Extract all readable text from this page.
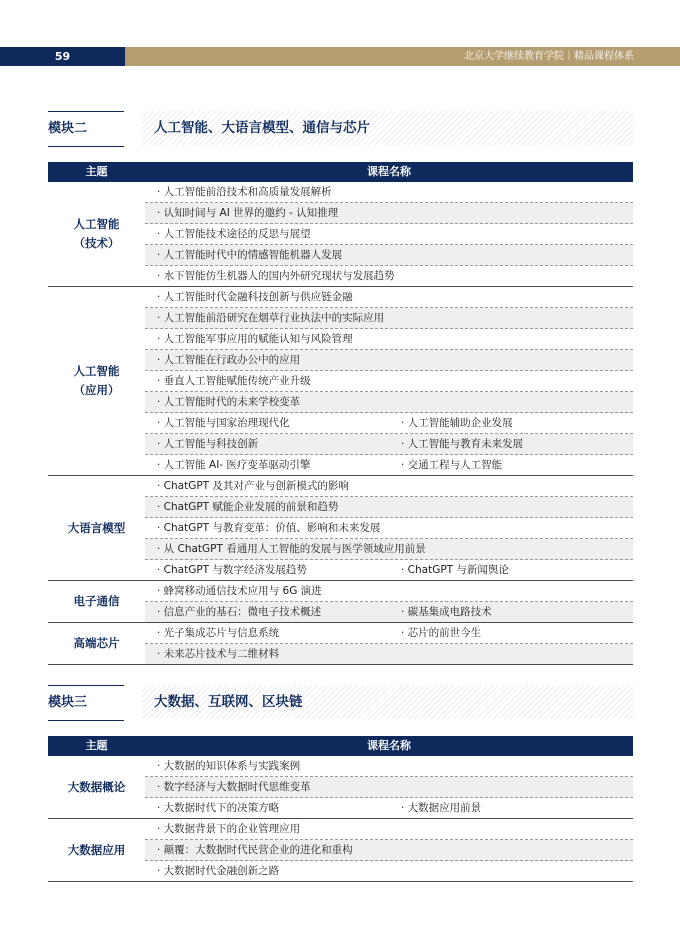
59	北京大学继续教育学院｜精品课程体系
模块二	人工智能、大语言模型、通信与芯片
主题	课程名称
人工智能
（技术）
· 人工智能前沿技术和高质量发展解析
· 认知时间与 AI 世界的邀约 - 认知推理
· 人工智能技术途径的反思与展望
· 人工智能时代中的情感智能机器人发展
· 水下智能仿生机器人的国内外研究现状与发展趋势
人工智能
（应用）
· 人工智能时代金融科技创新与供应链金融
· 人工智能前沿研究在烟草行业执法中的实际应用
· 人工智能军事应用的赋能认知与风险管理
· 人工智能在行政办公中的应用
· 垂直人工智能赋能传统产业升级
· 人工智能时代的未来学校变革
· 人工智能与国家治理现代化	· 人工智能辅助企业发展
· 人工智能与科技创新	· 人工智能与教育未来发展
· 人工智能 AI- 医疗变革驱动引擎	· 交通工程与人工智能
大语言模型
· ChatGPT 及其对产业与创新模式的影响
· ChatGPT 赋能企业发展的前景和趋势
· ChatGPT 与教育变革：价值、影响和未来发展
· 从 ChatGPT 看通用人工智能的发展与医学领域应用前景
· ChatGPT 与数字经济发展趋势	· ChatGPT 与新闻舆论
电子通信
· 蜂窝移动通信技术应用与 6G 演进
· 信息产业的基石：微电子技术概述	· 碳基集成电路技术
高端芯片
· 光子集成芯片与信息系统	· 芯片的前世今生
· 未来芯片技术与二维材料
模块三	大数据、互联网、区块链
主题	课程名称
大数据概论
· 大数据的知识体系与实践案例
· 数字经济与大数据时代思维变革
· 大数据时代下的决策方略	· 大数据应用前景
大数据应用
· 大数据背景下的企业管理应用
· 颠覆：大数据时代民营企业的进化和重构
· 大数据时代金融创新之路
